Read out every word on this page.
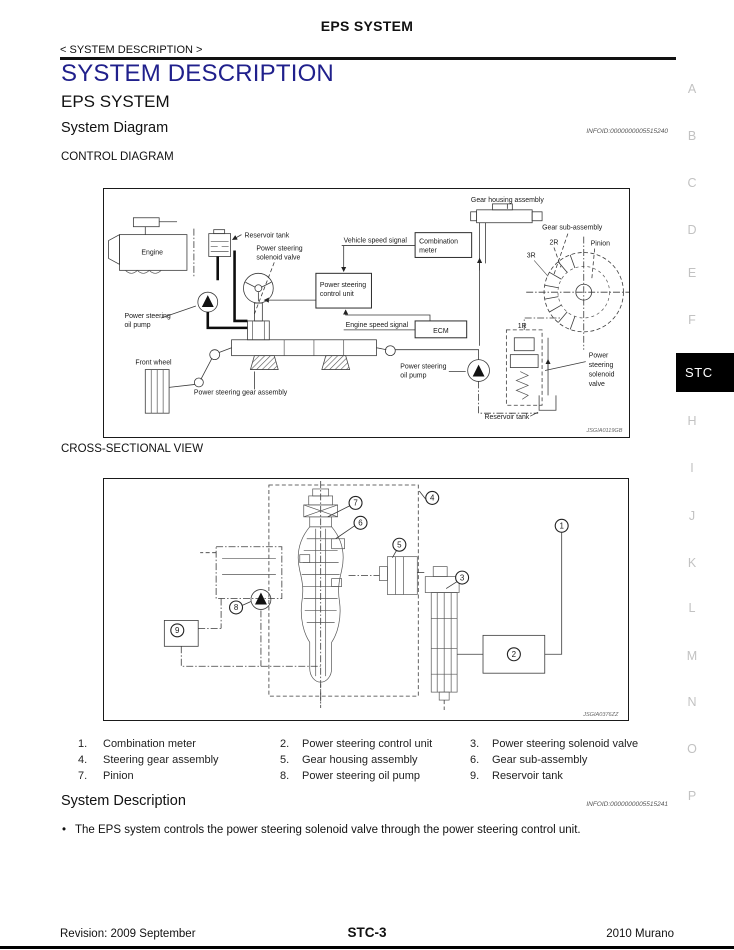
EPS SYSTEM
< SYSTEM DESCRIPTION >
SYSTEM DESCRIPTION
EPS SYSTEM
System Diagram	INFOID:0000000005515240
CONTROL DIAGRAM
Engine
Reservoir tank
Power steering solenoid valve
Vehicle speed signal Combination meter
Power steering control unit
Engine speed signal
ECM
Power steering oil pump
Power steering gear assembly
Front wheel
Gear housing assembly
Gear sub-assembly
2R	Pinion
3R
1R
Power steering solenoid valve
Power steering oil pump
Reservoir tank
JSGIA0119GB
CROSS-SECTIONAL VIEW
9
8
2
1
3
4
5
6
7
JSGIA0376ZZ
1.	Combination meter	2.	Power steering control unit	3.	Power steering solenoid valve
4.	Steering gear assembly	5.	Gear housing assembly	6.	Gear sub-assembly
7.	Pinion	8.	Power steering oil pump	9.	Reservoir tank
System Description	INFOID:0000000005515241
• The EPS system controls the power steering solenoid valve through the power steering control unit.
A
B
C
D
E
F
STC
H
I
J
K
L
M
N
O
P
Revision: 2009 September	STC-3	2010 Murano
